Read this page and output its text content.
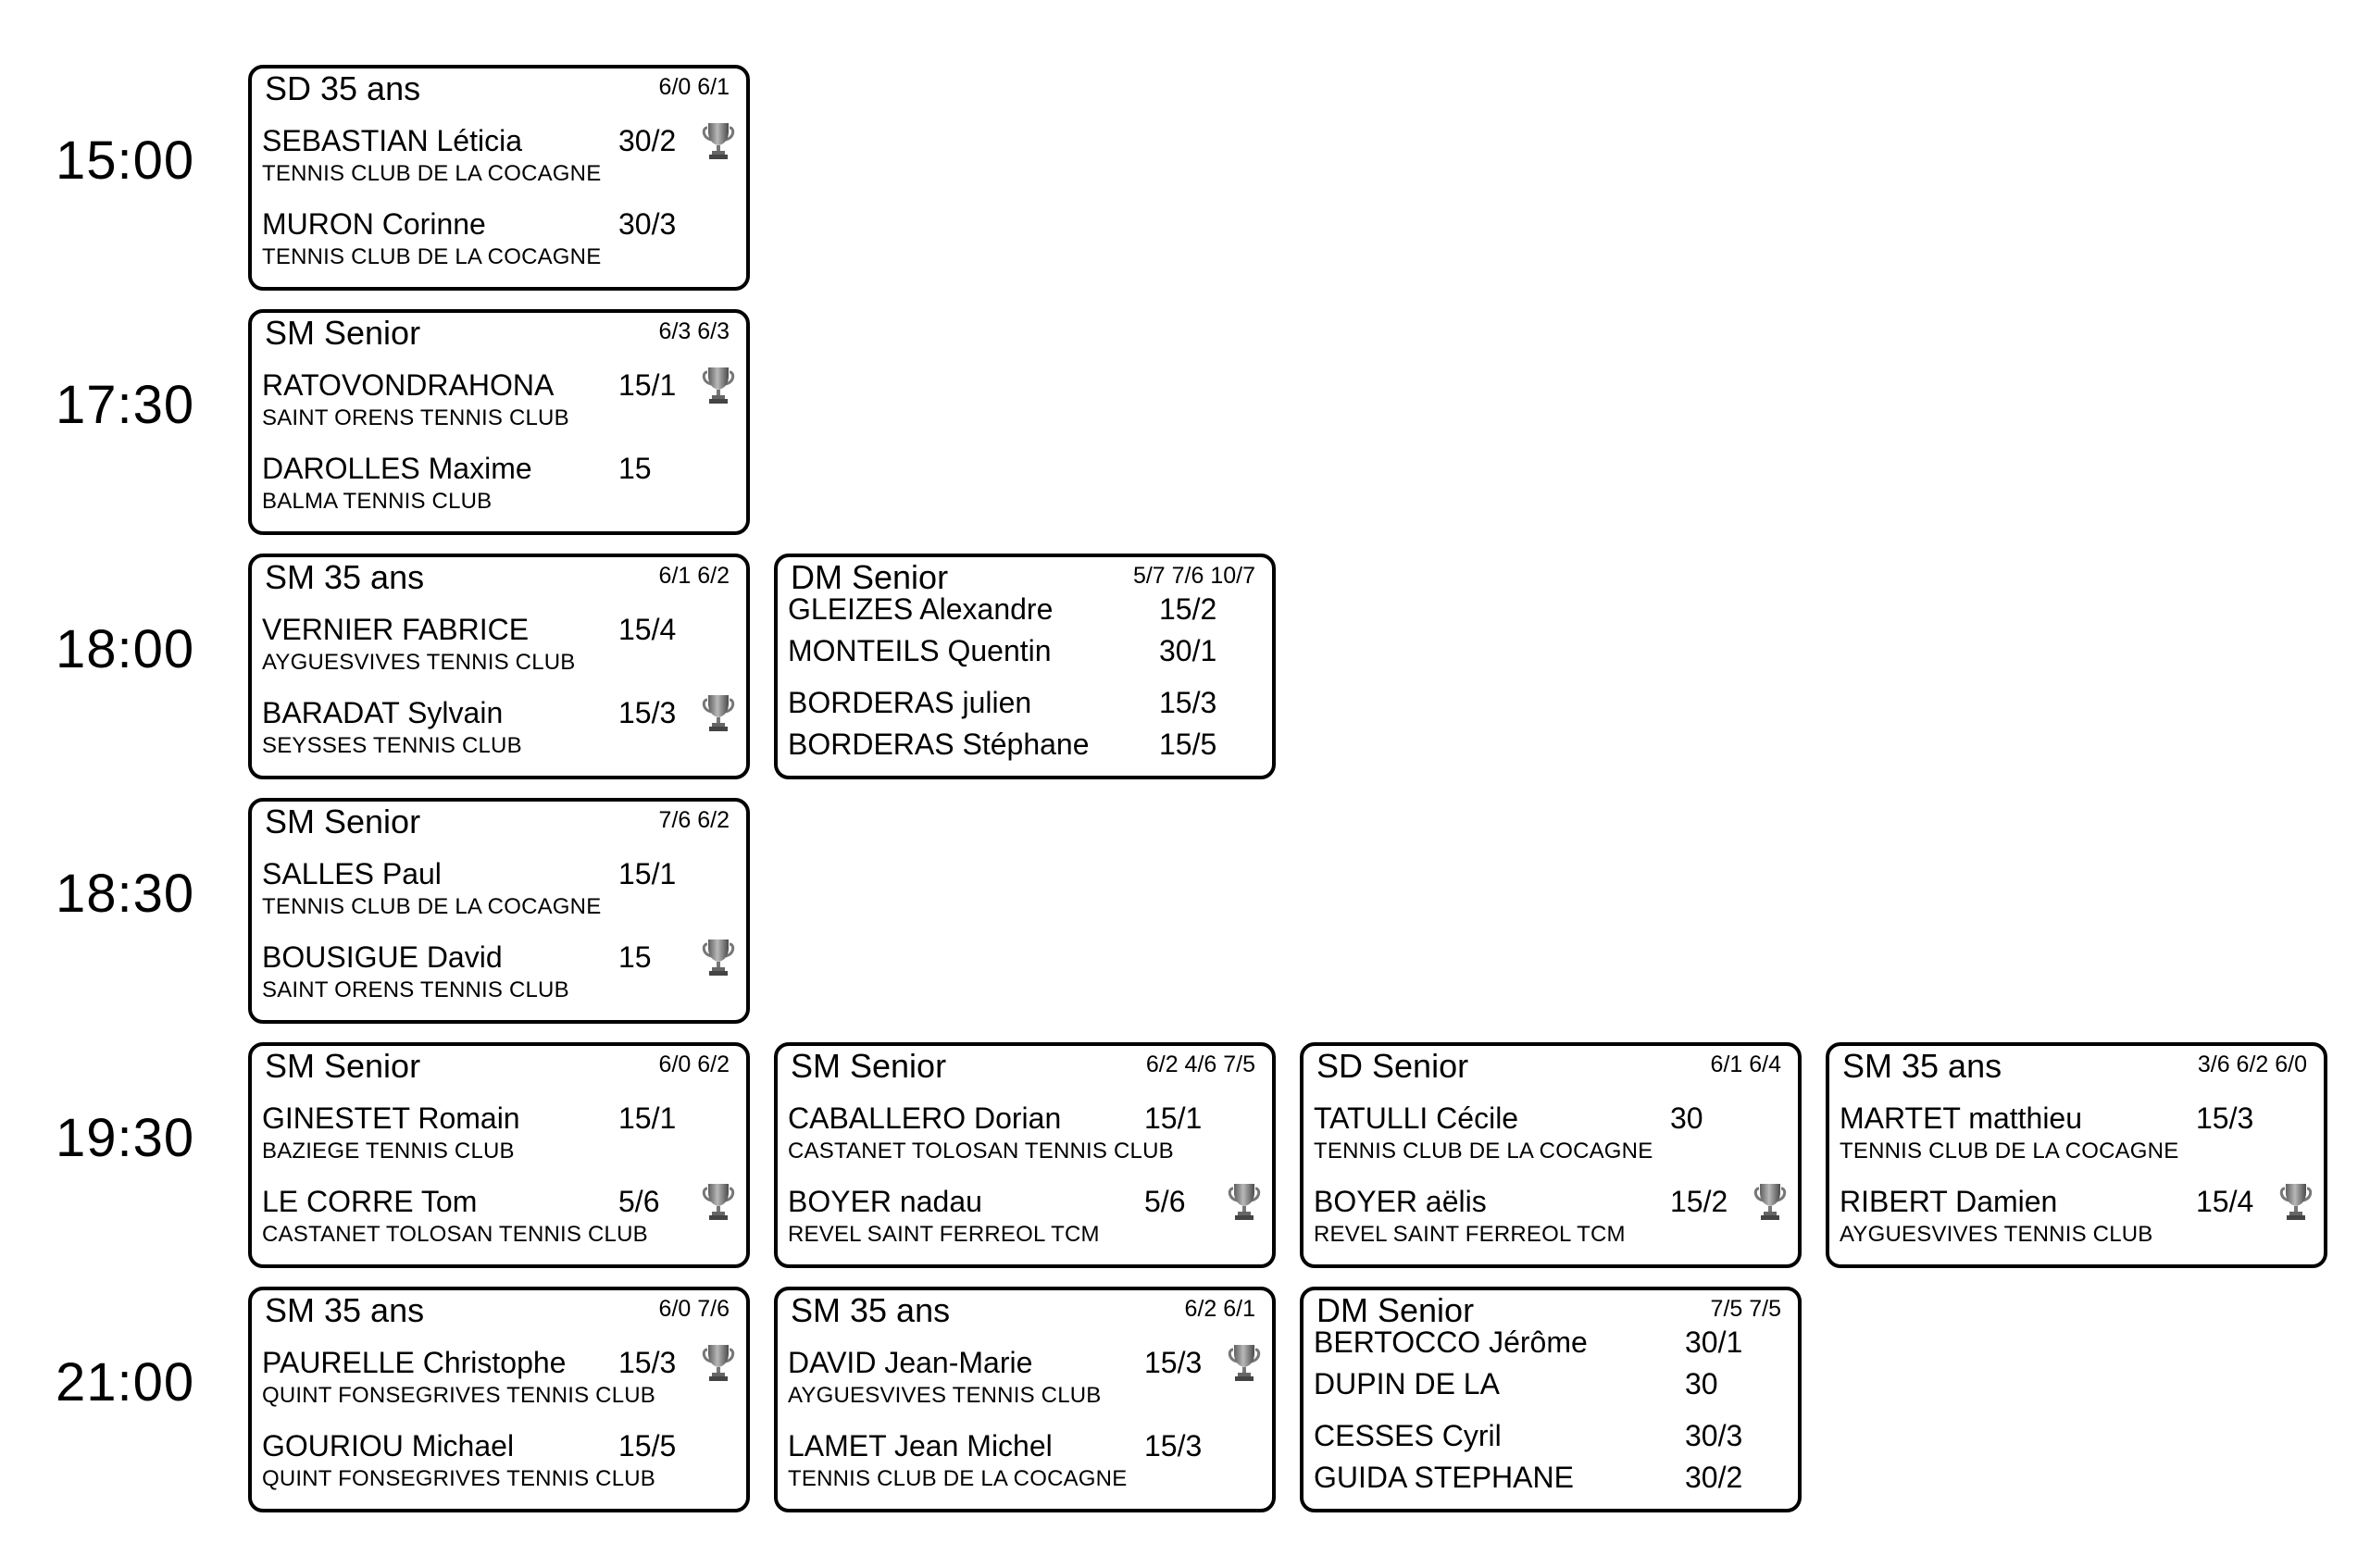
15:00
SD 35 ans	6/0 6/1
SEBASTIAN Léticia	30/2
TENNIS CLUB DE LA COCAGNE
MURON Corinne	30/3
TENNIS CLUB DE LA COCAGNE
17:30
SM Senior	6/3 6/3
RATOVONDRAHONA 15/1
SAINT ORENS TENNIS CLUB
DAROLLES Maxime	15
BALMA TENNIS CLUB
18:00
SM 35 ans	6/1 6/2
VERNIER FABRICE	15/4
AYGUESVIVES TENNIS CLUB
BARADAT Sylvain	15/3
SEYSSES TENNIS CLUB
DM Senior	5/7 7/6 10/7
GLEIZES Alexandre	15/2
MONTEILS Quentin	30/1
BORDERAS julien	15/3
BORDERAS Stéphane 15/5
18:30
SM Senior	7/6 6/2
SALLES Paul	15/1
TENNIS CLUB DE LA COCAGNE
BOUSIGUE David	15
SAINT ORENS TENNIS CLUB
19:30
SM Senior	6/0 6/2
GINESTET Romain	15/1
BAZIEGE TENNIS CLUB
LE CORRE Tom	5/6
CASTANET TOLOSAN TENNIS CLUB
SM Senior	6/2 4/6 7/5
CABALLERO Dorian	15/1
CASTANET TOLOSAN TENNIS CLUB
BOYER nadau	5/6
REVEL SAINT FERREOL TCM
SD Senior	6/1 6/4
TATULLI Cécile	30
TENNIS CLUB DE LA COCAGNE
BOYER aëlis	15/2
REVEL SAINT FERREOL TCM
SM 35 ans	3/6 6/2 6/0
MARTET matthieu	15/3
TENNIS CLUB DE LA COCAGNE
RIBERT Damien	15/4
AYGUESVIVES TENNIS CLUB
21:00
SM 35 ans	6/0 7/6
PAURELLE Christophe 15/3
QUINT FONSEGRIVES TENNIS CLUB
GOURIOU Michael	15/5
QUINT FONSEGRIVES TENNIS CLUB
SM 35 ans	6/2 6/1
DAVID Jean-Marie	15/3
AYGUESVIVES TENNIS CLUB
LAMET Jean Michel	15/3
TENNIS CLUB DE LA COCAGNE
DM Senior	7/5 7/5
BERTOCCO Jérôme	30/1
DUPIN DE LA	30
CESSES Cyril	30/3
GUIDA STEPHANE	30/2
